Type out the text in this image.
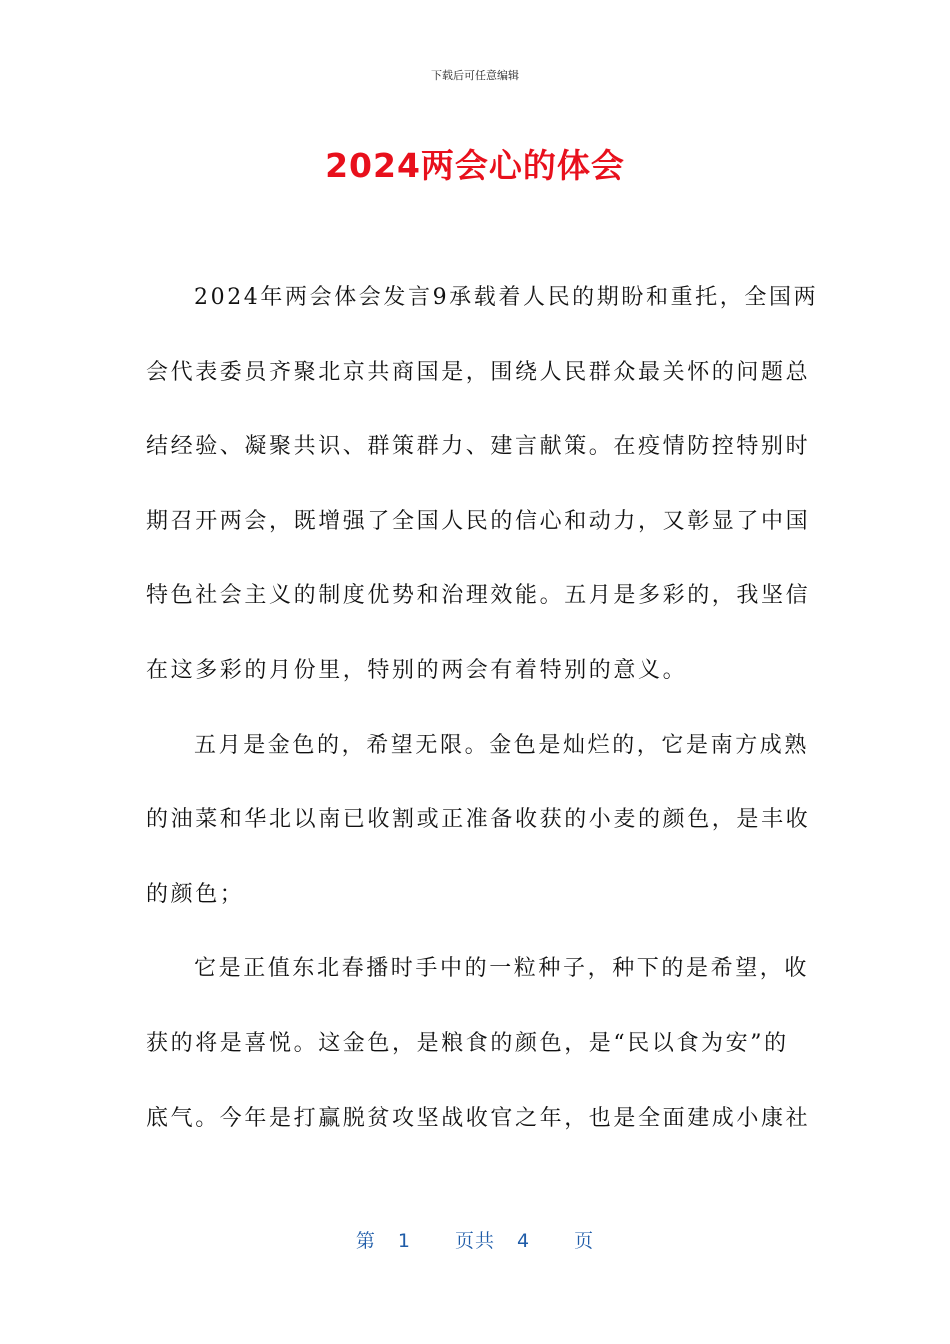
下载后可任意编辑
2024两会心的体会
2024年两会体会发言9承载着人民的期盼和重托，全国两
会代表委员齐聚北京共商国是，围绕人民群众最关怀的问题总
结经验、凝聚共识、群策群力、建言献策。在疫情防控特别时
期召开两会，既增强了全国人民的信心和动力，又彰显了中国
特色社会主义的制度优势和治理效能。五月是多彩的，我坚信
在这多彩的月份里，特别的两会有着特别的意义。
五月是金色的，希望无限。金色是灿烂的，它是南方成熟
的油菜和华北以南已收割或正准备收获的小麦的颜色，是丰收
的颜色；
它是正值东北春播时手中的一粒种子，种下的是希望，收
获的将是喜悦。这金色，是粮食的颜色，是“民以食为安”的
底气。今年是打赢脱贫攻坚战收官之年，也是全面建成小康社
第 1 页共 4 页
